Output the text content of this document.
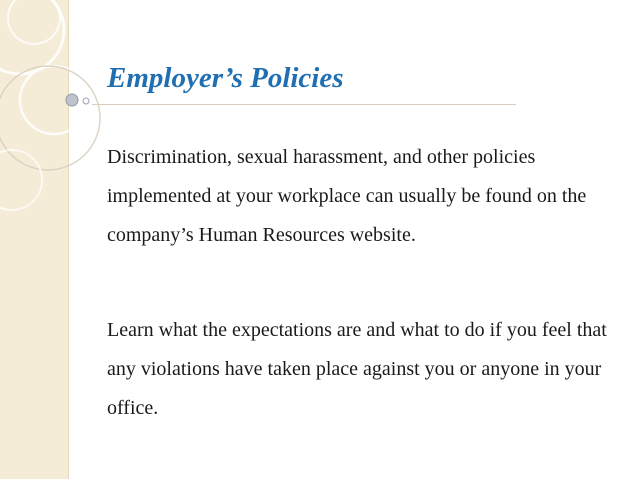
Employer’s Policies
Discrimination, sexual harassment, and other policies implemented at your workplace can usually be found on the company’s Human Resources website.
Learn what the expectations are and what to do if you feel that any violations have taken place against you or anyone in your office.
